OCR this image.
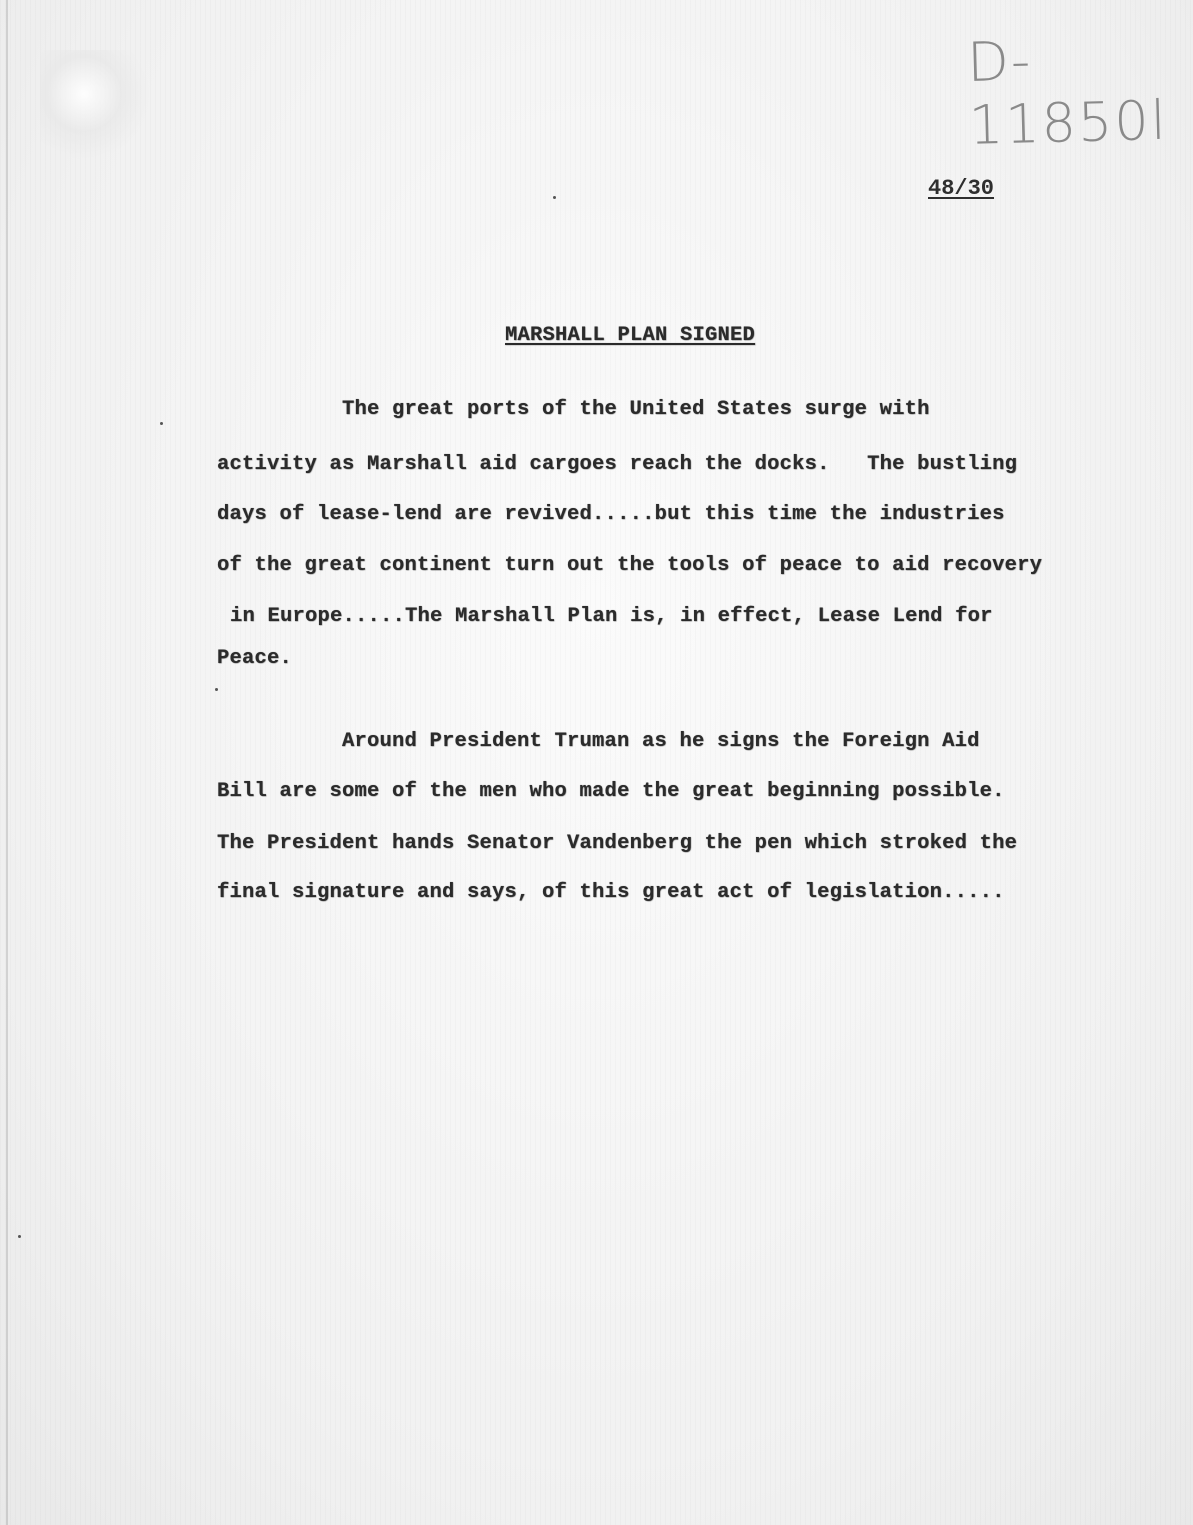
D-11850l
48/30
MARSHALL PLAN SIGNED
The great ports of the United States surge with
activity as Marshall aid cargoes reach the docks.   The bustling
days of lease-lend are revived.....but this time the industries
of the great continent turn out the tools of peace to aid recovery
in Europe.....The Marshall Plan is, in effect, Lease Lend for
Peace.
Around President Truman as he signs the Foreign Aid
Bill are some of the men who made the great beginning possible.
The President hands Senator Vandenberg the pen which stroked the
final signature and says, of this great act of legislation.....
